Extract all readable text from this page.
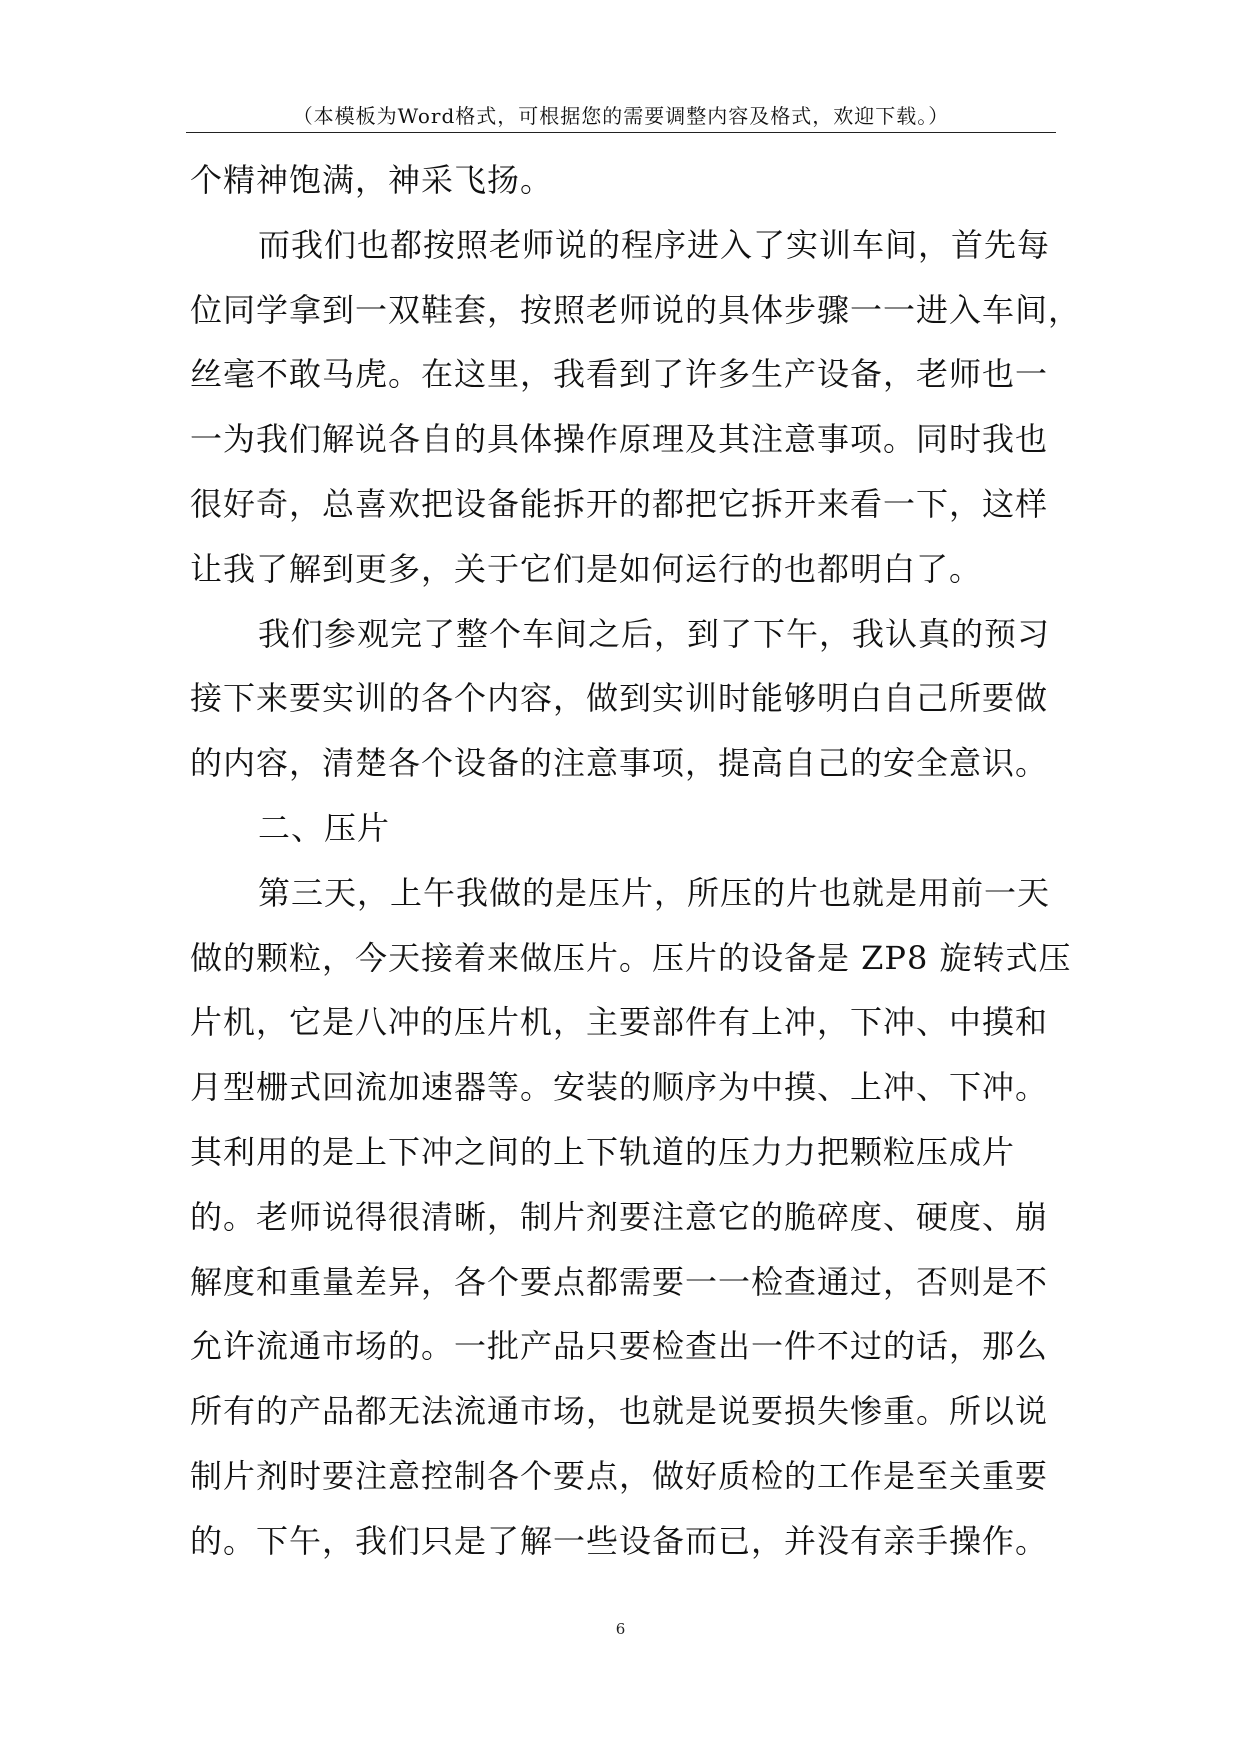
（本模板为Word格式，可根据您的需要调整内容及格式，欢迎下载。）
个精神饱满，神采飞扬。
而我们也都按照老师说的程序进入了实训车间，首先每
位同学拿到一双鞋套，按照老师说的具体步骤一一进入车间，
丝毫不敢马虎。在这里，我看到了许多生产设备，老师也一
一为我们解说各自的具体操作原理及其注意事项。同时我也
很好奇，总喜欢把设备能拆开的都把它拆开来看一下，这样
让我了解到更多，关于它们是如何运行的也都明白了。
我们参观完了整个车间之后，到了下午，我认真的预习
接下来要实训的各个内容，做到实训时能够明白自己所要做
的内容，清楚各个设备的注意事项，提高自己的安全意识。
二、压片
第三天，上午我做的是压片，所压的片也就是用前一天
做的颗粒，今天接着来做压片。压片的设备是 ZP8 旋转式压
片机，它是八冲的压片机，主要部件有上冲，下冲、中摸和
月型栅式回流加速器等。安装的顺序为中摸、上冲、下冲。
其利用的是上下冲之间的上下轨道的压力力把颗粒压成片
的。老师说得很清晰，制片剂要注意它的脆碎度、硬度、崩
解度和重量差异，各个要点都需要一一检查通过，否则是不
允许流通市场的。一批产品只要检查出一件不过的话，那么
所有的产品都无法流通市场，也就是说要损失惨重。所以说
制片剂时要注意控制各个要点，做好质检的工作是至关重要
的。下午，我们只是了解一些设备而已，并没有亲手操作。
6
